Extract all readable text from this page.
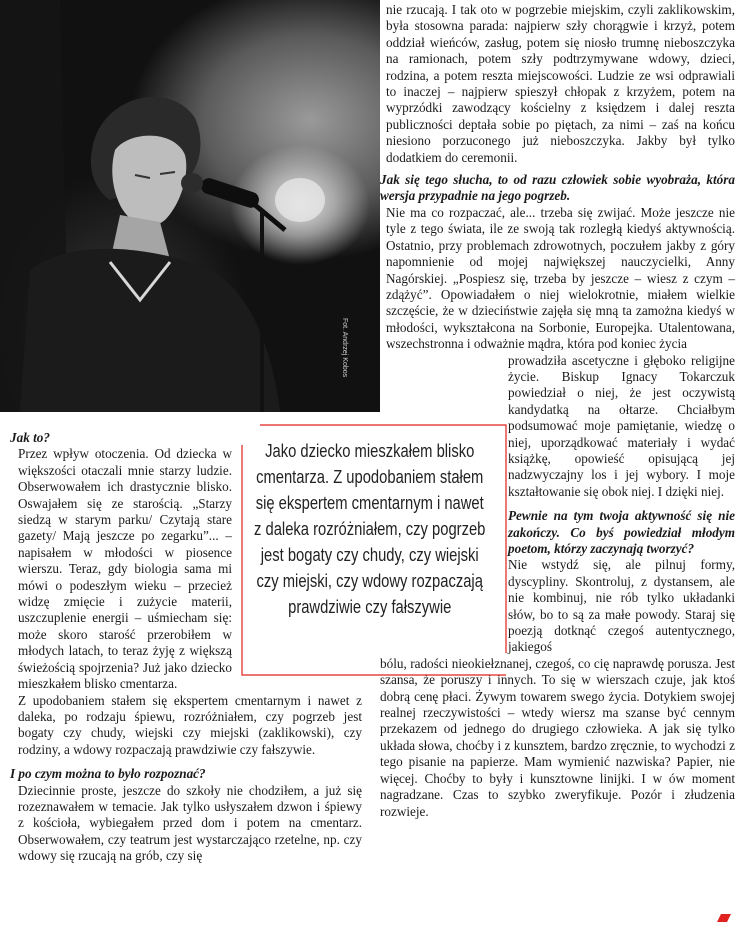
Fot. Andrzej Kobos

nie rzucają. I tak oto w pogrzebie miejskim, czyli zaklikowskim, była stosowna parada: najpierw szły chorągwie i krzyż, potem oddział wieńców, zasług, potem się niosło trumnę nieboszczyka na ramionach, potem szły podtrzymywane wdowy, dzieci, rodzina, a potem reszta miejscowości. Ludzie ze wsi odprawiali to inaczej – najpierw spieszył chłopak z krzyżem, potem na wyprzódki zawodzący kościelny z księdzem i dalej reszta publiczności deptała sobie po piętach, za nimi – zaś na końcu niesiono porzuconego już nieboszczyka. Jakby był tylko dodatkiem do ceremonii.

Jak się tego słucha, to od razu człowiek sobie wyobraża, która wersja przypadnie na jego pogrzeb.

Nie ma co rozpaczać, ale... trzeba się zwijać. Może jeszcze nie tyle z tego świata, ile ze swoją tak rozległą kiedyś aktywnością. Ostatnio, przy problemach zdrowotnych, poczułem jakby z góry napomnienie od mojej największej nauczycielki, Anny Nagórskiej. „Pospiesz się, trzeba by jeszcze – wiesz z czym – zdążyć”. Opowiadałem o niej wielokrotnie, miałem wielkie szczęście, że w dzieciństwie zajęła się mną ta zamożna kiedyś w młodości, wykształcona na Sorbonie, Europejka. Utalentowana, wszechstronna i odważnie mądra, która pod koniec życia

prowadziła ascetyczne i głęboko religijne życie. Biskup Ignacy Tokarczuk powiedział o niej, że jest oczywistą kandydatką na ołtarze. Chciałbym podsumować moje pamiętanie, wiedzę o niej, uporządkować materiały i wydać książkę, opowieść opisującą jej nadzwyczajny los i jej wybory. I moje kształtowanie się obok niej. I dzięki niej.

Pewnie na tym twoja aktywność się nie zakończy. Co byś powiedział młodym poetom, którzy zaczynają tworzyć?

Nie wstydź się, ale pilnuj formy, dyscypliny. Skontroluj, z dystansem, ale nie kombinuj, nie rób tylko układanki słów, bo to są za małe powody. Staraj się poezją dotknąć czegoś autentycznego, jakiegoś

bólu, radości nieokiełznanej, czegoś, co cię naprawdę porusza. Jest szansa, że poruszy i innych. To się w wierszach czuje, jak ktoś dobrą cenę płaci. Żywym towarem swego życia. Dotykiem swojej realnej rzeczywistości – wtedy wiersz ma szanse być cennym przekazem od jednego do drugiego człowieka. A jak się tylko układa słowa, choćby i z kunsztem, bardzo zręcznie, to wychodzi z tego pisanie na papierze. Mam wymienić nazwiska? Papier, nie więcej. Choćby to były i kunsztowne linijki. I w ów moment nagradzane. Czas to szybko zweryfikuje. Pozór i złudzenia rozwieje.

Jak to?

Przez wpływ otoczenia. Od dziecka w większości otaczali mnie starzy ludzie. Obserwowałem ich drastycznie blisko. Oswajałem się ze starością. „Starzy siedzą w starym parku/ Czytają stare gazety/ Mają jeszcze po zegarku”... – napisałem w młodości w piosence wierszu. Teraz, gdy biologia sama mi mówi o podeszłym wieku – przecież widzę zmięcie i zużycie materii, uszczuplenie energii – uśmiecham się: może skoro starość przerobiłem w młodych latach, to teraz żyję z większą świeżością spojrzenia? Już jako dziecko mieszkałem blisko cmentarza.

Z upodobaniem stałem się ekspertem cmentarnym i nawet z daleka, po rodzaju śpiewu, rozróżniałem, czy pogrzeb jest bogaty czy chudy, wiejski czy miejski (zaklikowski), czy rodziny, a wdowy rozpaczają prawdziwie czy fałszywie.

I po czym można to było rozpoznać?

Dziecinnie proste, jeszcze do szkoły nie chodziłem, a już się rozeznawałem w temacie. Jak tylko usłyszałem dzwon i śpiewy z kościoła, wybiegałem przed dom i potem na cmentarz. Obserwowałem, czy teatrum jest wystarczająco rzetelne, np. czy wdowy się rzucają na grób, czy się

Jako dziecko mieszkałem blisko cmentarza. Z upodobaniem stałem się ekspertem cmentarnym i nawet z daleka rozróżniałem, czy pogrzeb jest bogaty czy chudy, czy wiejski czy miejski, czy wdowy rozpaczają prawdziwie czy fałszywie
